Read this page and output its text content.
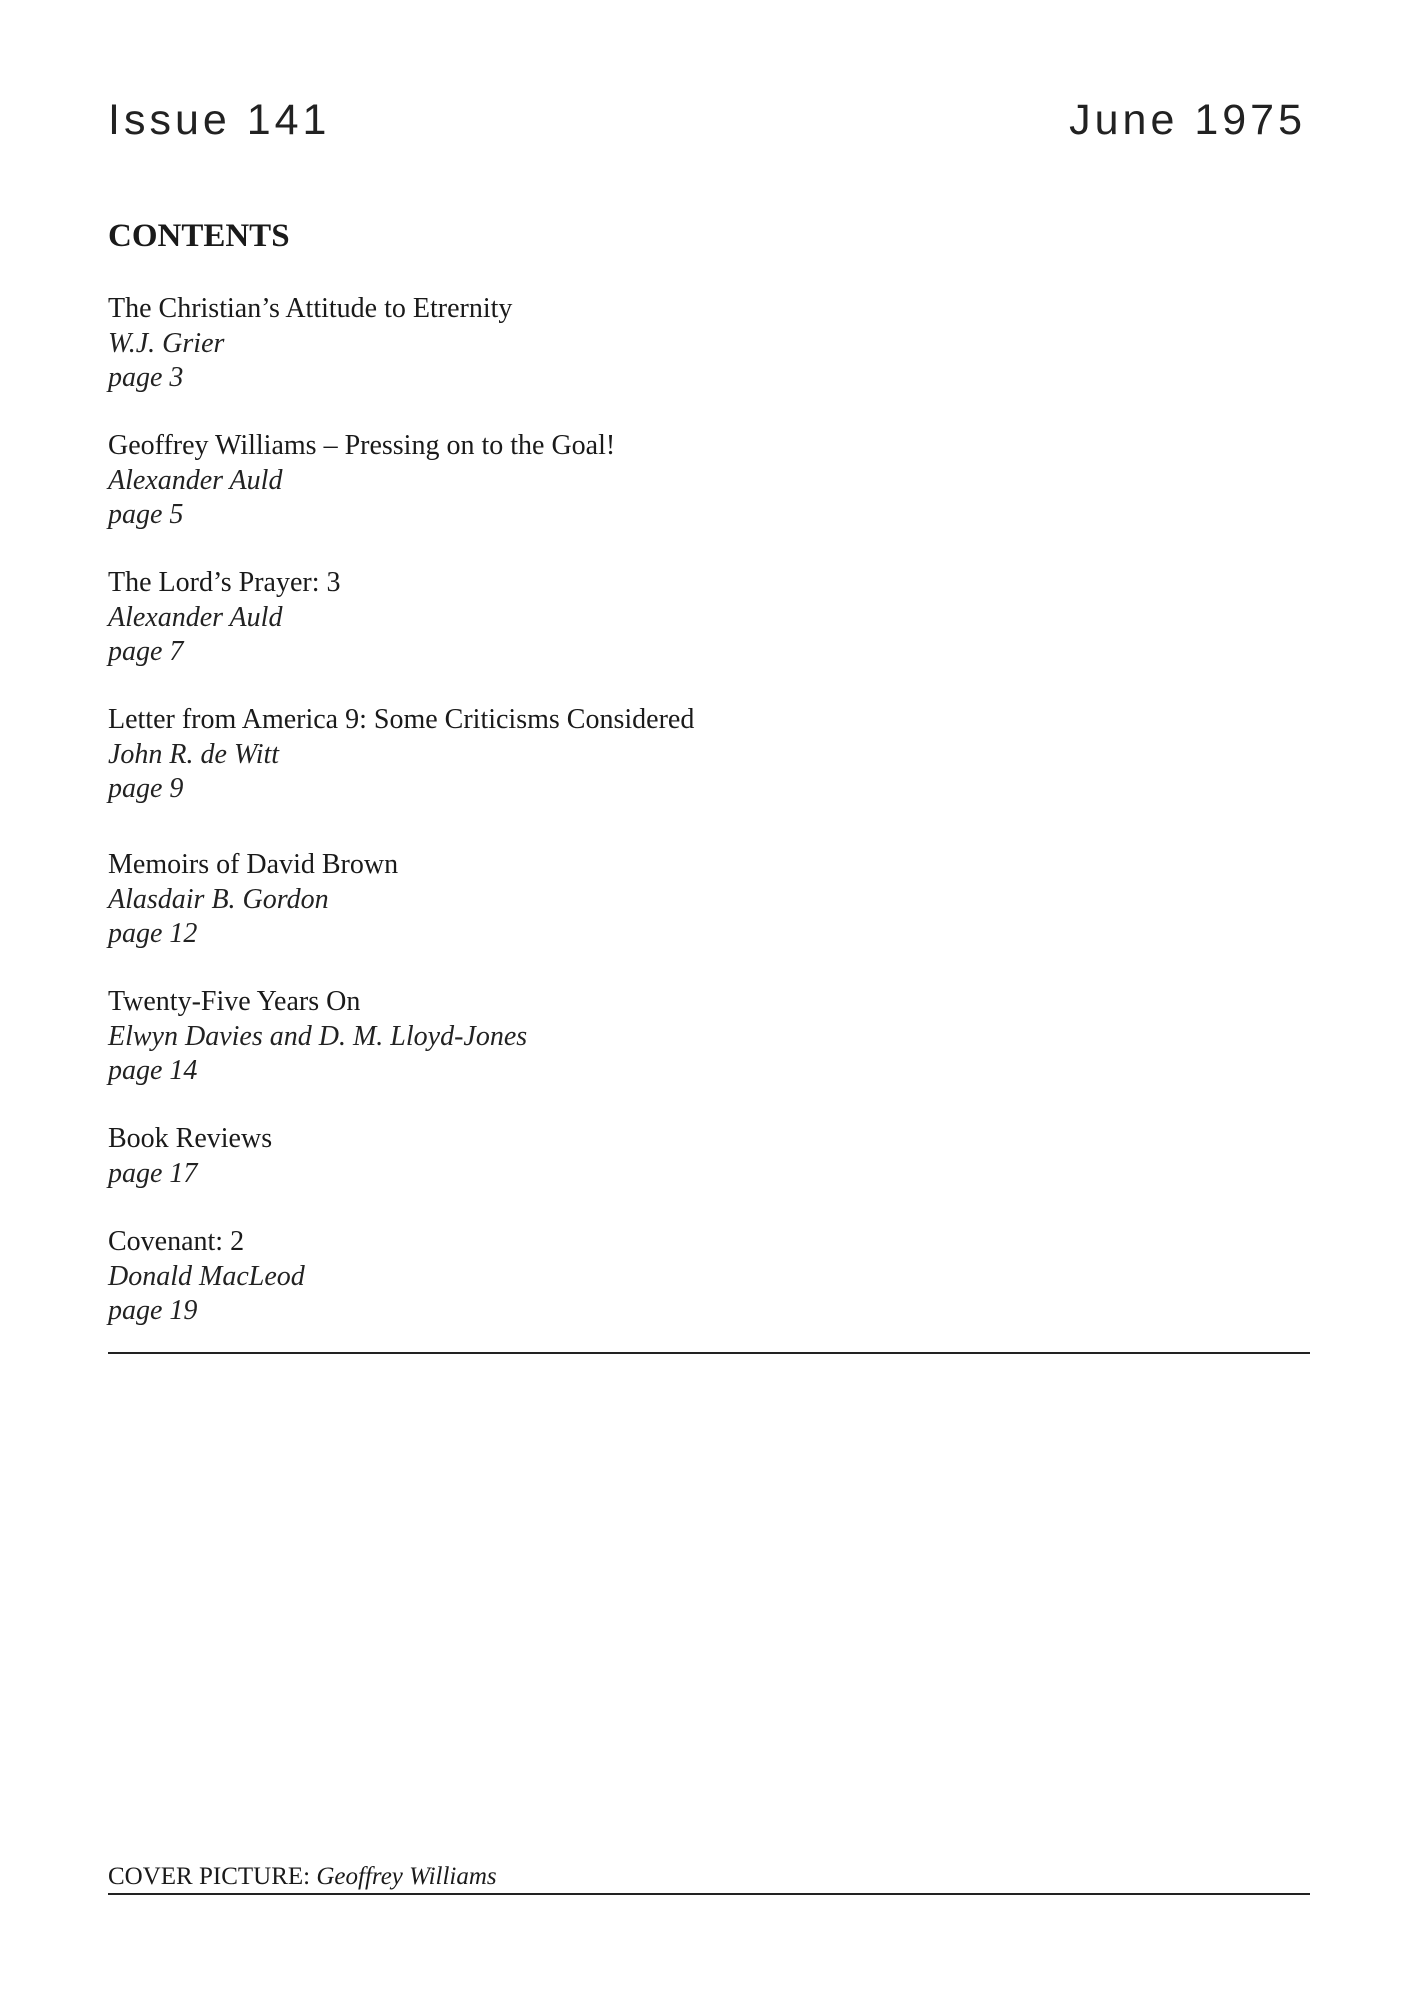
Issue 141	June 1975
CONTENTS
The Christian’s Attitude to Etrernity
W.J. Grier
page 3
Geoffrey Williams – Pressing on to the Goal!
Alexander Auld
page 5
The Lord’s Prayer: 3
Alexander Auld
page 7
Letter from America 9: Some Criticisms Considered
John R. de Witt
page 9
Memoirs of David Brown
Alasdair B. Gordon
page 12
Twenty-Five Years On
Elwyn Davies and D. M. Lloyd-Jones
page 14
Book Reviews
page 17
Covenant: 2
Donald MacLeod
page 19
COVER PICTURE: Geoffrey Williams
